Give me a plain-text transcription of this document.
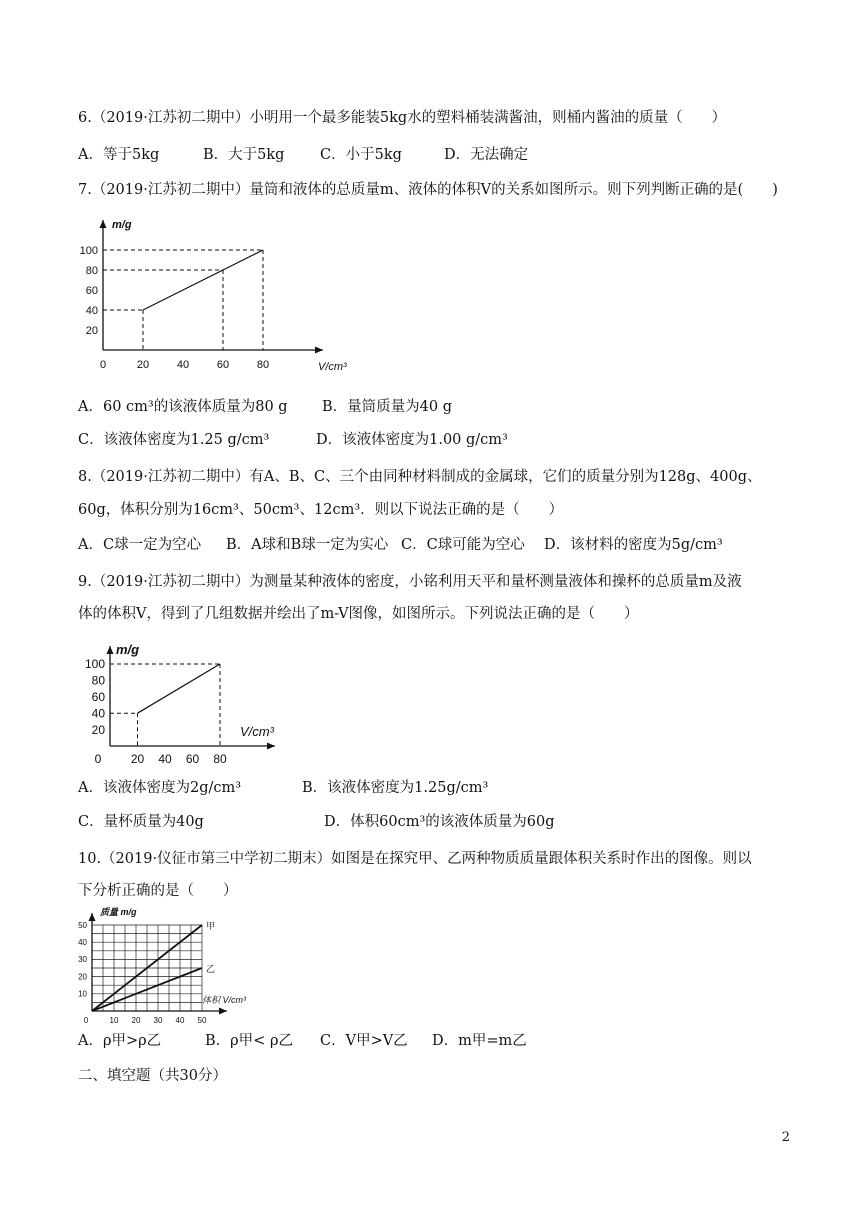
6.（2019·江苏初二期中）小明用一个最多能装5kg水的塑料桶装满酱油，则桶内酱油的质量（　　）
A．等于5kg	B．大于5kg C．小于5kg	D．无法确定
7.（2019·江苏初二期中）量筒和液体的总质量m、液体的体积V的关系如图所示。则下列判断正确的是(　　)
0	20	40	60	80
20
40
60
80
100
V/cm³
m/g
A．60 cm³的该液体质量为80 g B．量筒质量为40 g
C．该液体密度为1.25 g/cm³	D．该液体密度为1.00 g/cm³
8.（2019·江苏初二期中）有A、B、C、三个由同种材料制成的金属球，它们的质量分别为128g、400g、
60g，体积分别为16cm³、50cm³、12cm³．则以下说法正确的是（　　）
A．C球一定为空心 B．A球和B球一定为实心 C．C球可能为空心 D．该材料的密度为5g/cm³
9.（2019·江苏初二期中）为测量某种液体的密度，小铭利用天平和量杯测量液体和操杯的总质量m及液
体的体积V，得到了几组数据并绘出了m-V图像，如图所示。下列说法正确的是（　　）
0 20 40 60 80
20
40
60
80
100
V/cm³
m/g
A．该液体密度为2g/cm³	B．该液体密度为1.25g/cm³
C．量杯质量为40g	D．体积60cm³的该液体质量为60g
10.（2019·仪征市第三中学初二期末）如图是在探究甲、乙两种物质质量跟体积关系时作出的图像。则以
下分析正确的是（　　）
0	10 20 30 40 50
10
20
30
40
50
体积 V/cm³
质量 m/g
甲
乙
A．ρ甲>ρ乙	B．ρ甲< ρ乙 C．V甲>V乙 D．m甲=m乙
二、填空题（共30分）
2
